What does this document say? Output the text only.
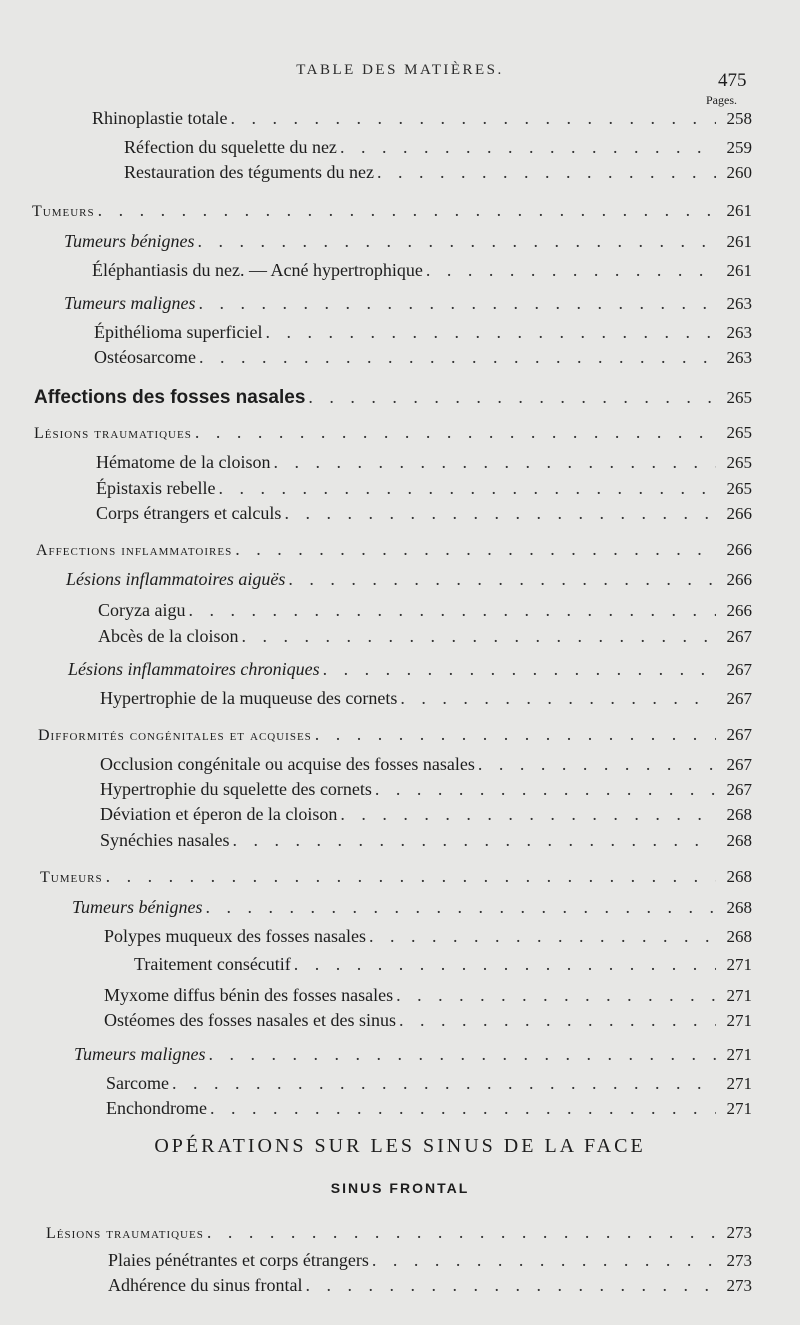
TABLE DES MATIÈRES.	475
Pages.
Rhinoplastie totale . . .	258
Réfection du squelette du nez . . .	259
Restauration des téguments du nez . . .	260
Tumeurs . . .	261
Tumeurs bénignes . . .	261
Éléphantiasis du nez. — Acné hypertrophique . . .	261
Tumeurs malignes . . .	263
Épithélioma superficiel . . .	263
Ostéosarcome . . .	263
Affections des fosses nasales . . .	265
Lésions traumatiques . . .	265
Hématome de la cloison . . .	265
Épistaxis rebelle . . .	265
Corps étrangers et calculs . . .	266
Affections inflammatoires . . .	266
Lésions inflammatoires aiguës . . .	266
Coryza aigu . . .	266
Abcès de la cloison . . .	267
Lésions inflammatoires chroniques . . .	267
Hypertrophie de la muqueuse des cornets . . .	267
Difformités congénitales et acquises . . .	267
Occlusion congénitale ou acquise des fosses nasales . . .	267
Hypertrophie du squelette des cornets . . .	267
Déviation et éperon de la cloison . . .	268
Synéchies nasales . . .	268
Tumeurs . . .	268
Tumeurs bénignes . . .	268
Polypes muqueux des fosses nasales . . .	268
Traitement consécutif . . .	271
Myxome diffus bénin des fosses nasales . . .	271
Ostéomes des fosses nasales et des sinus . . .	271
Tumeurs malignes . . .	271
Sarcome . . .	271
Enchondrome . . .	271
OPÉRATIONS SUR LES SINUS DE LA FACE
SINUS FRONTAL
Lésions traumatiques . . .	273
Plaies pénétrantes et corps étrangers . . .	273
Adhérence du sinus frontal . . .	273
